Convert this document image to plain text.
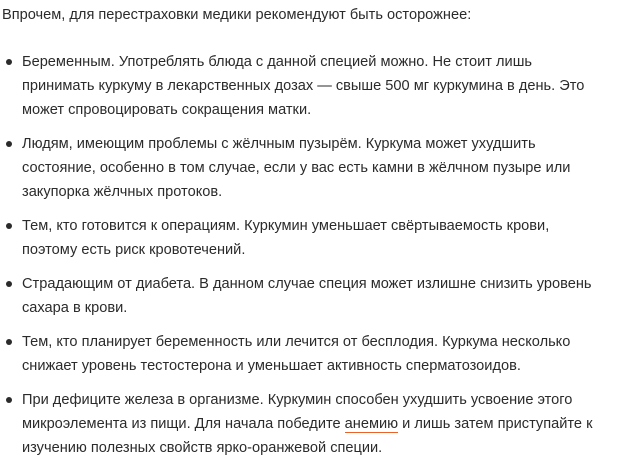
Впрочем, для перестраховки медики рекомендуют быть осторожнее:

Беременным. Употреблять блюда с данной специей можно. Не стоит лишь
принимать куркуму в лекарственных дозах — свыше 500 мг куркумина в день. Это
может спровоцировать сокращения матки.
Людям, имеющим проблемы с жёлчным пузырём. Куркума может ухудшить
состояние, особенно в том случае, если у вас есть камни в жёлчном пузыре или
закупорка жёлчных протоков.
Тем, кто готовится к операциям. Куркумин уменьшает свёртываемость крови,
поэтому есть риск кровотечений.
Страдающим от диабета. В данном случае специя может излишне снизить уровень
сахара в крови.
Тем, кто планирует беременность или лечится от бесплодия. Куркума несколько
снижает уровень тестостерона и уменьшает активность сперматозоидов.
При дефиците железа в организме. Куркумин способен ухудшить усвоение этого
микроэлемента из пищи. Для начала победите анемию и лишь затем приступайте к
изучению полезных свойств ярко-оранжевой специи.
